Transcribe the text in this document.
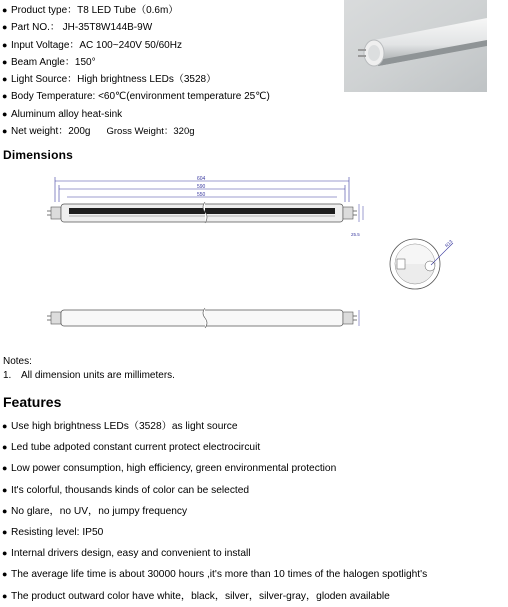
● Product type：T8 LED Tube（0.6m）
● Part NO.： JH-35T8W144B-9W
● Input Voltage：AC 100~240V 50/60Hz
● Beam Angle：150°
● Light Source：High brightness LEDs（3528）
● Body Temperature: <60℃(environment temperature 25℃)
● Aluminum alloy heat-sink
● Net weight：200g Gross Weight：320g
Dimensions
604
590
550
25.5
R13
Notes:
1. All dimension units are millimeters.
Features
● Use high brightness LEDs（3528）as light source
● Led tube adpoted constant current protect electrocircuit
● Low power consumption, high efficiency, green environmental protection
● It's colorful, thousands kinds of color can be selected
● No glare，no UV，no jumpy frequency
● Resisting level: IP50
● Internal drivers design, easy and convenient to install
● The average life time is about 30000 hours ,it's more than 10 times of the halogen spotlight's
● The product outward color have white，black，silver，silver-gray，gloden available
